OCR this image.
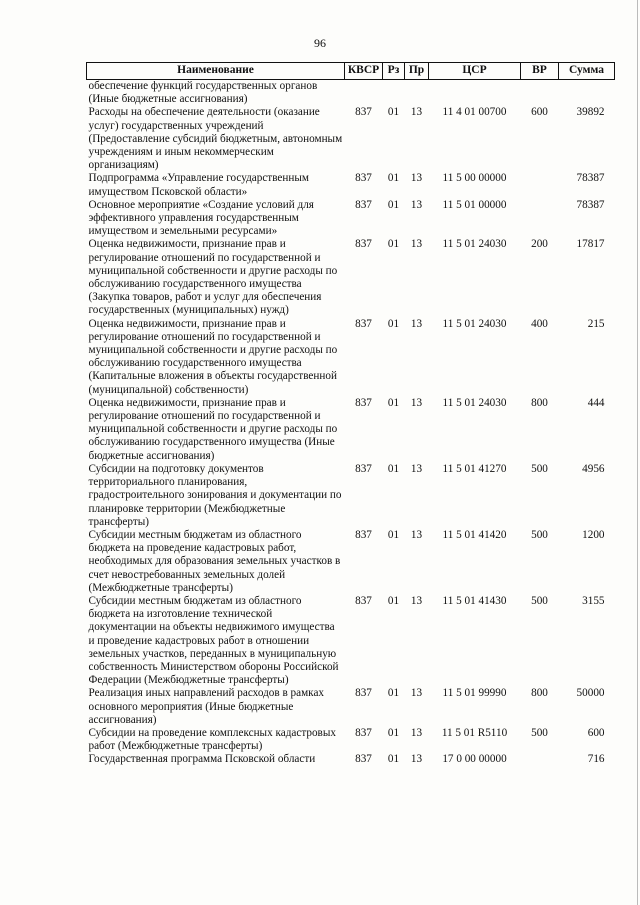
96
Наименование	КВСР	Рз	Пр	ЦСР	ВР	Сумма
обеспечение функций государственных органов (Иные бюджетные ассигнования)						
Расходы на обеспечение деятельности (оказание услуг) государственных учреждений (Предоставление субсидий бюджетным, автономным учреждениям и иным некоммерческим организациям)	837	01	13	11 4 01 00700	600	39892
Подпрограмма «Управление государственным имуществом Псковской области»	837	01	13	11 5 00 00000		78387
Основное мероприятие «Создание условий для эффективного управления государственным имуществом и земельными ресурсами»	837	01	13	11 5 01 00000		78387
Оценка недвижимости, признание прав и регулирование отношений по государственной и муниципальной собственности и другие расходы по обслуживанию государственного имущества (Закупка товаров, работ и услуг для обеспечения государственных (муниципальных) нужд)	837	01	13	11 5 01 24030	200	17817
Оценка недвижимости, признание прав и регулирование отношений по государственной и муниципальной собственности и другие расходы по обслуживанию государственного имущества (Капитальные вложения в объекты государственной (муниципальной) собственности)	837	01	13	11 5 01 24030	400	215
Оценка недвижимости, признание прав и регулирование отношений по государственной и муниципальной собственности и другие расходы по обслуживанию государственного имущества (Иные бюджетные ассигнования)	837	01	13	11 5 01 24030	800	444
Субсидии на подготовку документов территориального планирования, градостроительного зонирования и документации по планировке территории (Межбюджетные трансферты)	837	01	13	11 5 01 41270	500	4956
Субсидии местным бюджетам из областного бюджета на проведение кадастровых работ, необходимых для образования земельных участков в счет невостребованных земельных долей (Межбюджетные трансферты)	837	01	13	11 5 01 41420	500	1200
Субсидии местным бюджетам из областного бюджета на изготовление технической документации на объекты недвижимого имущества и проведение кадастровых работ в отношении земельных участков, переданных в муниципальную собственность Министерством обороны Российской Федерации (Межбюджетные трансферты)	837	01	13	11 5 01 41430	500	3155
Реализация иных направлений расходов в рамках основного мероприятия (Иные бюджетные ассигнования)	837	01	13	11 5 01 99990	800	50000
Субсидии на проведение комплексных кадастровых работ (Межбюджетные трансферты)	837	01	13	11 5 01 R5110	500	600
Государственная программа Псковской области	837	01	13	17 0 00 00000		716
